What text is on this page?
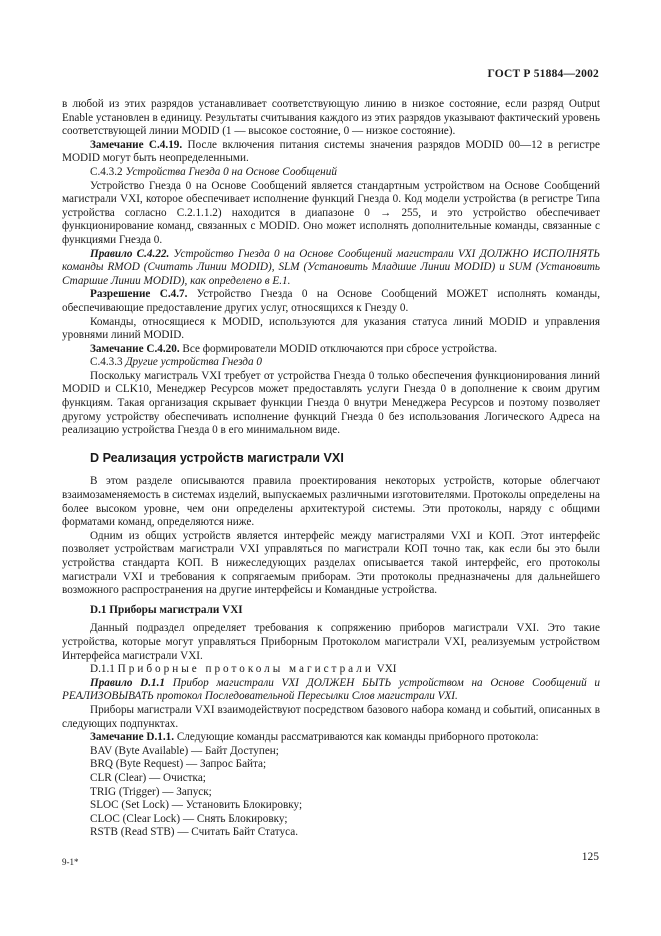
ГОСТ Р 51884—2002

в любой из этих разрядов устанавливает соответствующую линию в низкое состояние, если разряд Output Enable установлен в единицу. Результаты считывания каждого из этих разрядов указывают фактический уровень соответствующей линии MODID (1 — высокое состояние, 0 — низкое состояние).

Замечание С.4.19. После включения питания системы значения разрядов MODID 00—12 в регистре MODID могут быть неопределенными.

С.4.3.2 Устройства Гнезда 0 на Основе Сообщений

Устройство Гнезда 0 на Основе Сообщений является стандартным устройством на Основе Сообщений магистрали VXI, которое обеспечивает исполнение функций Гнезда 0. Код модели устройства (в регистре Типа устройства согласно С.2.1.1.2) находится в диапазоне 0 → 255, и это устройство обеспечивает функционирование команд, связанных с MODID. Оно может исполнять дополнительные команды, связанные с функциями Гнезда 0.

Правило С.4.22. Устройство Гнезда 0 на Основе Сообщений магистрали VXI ДОЛЖНО ИСПОЛНЯТЬ команды RMOD (Считать Линии MODID), SLM (Установить Младшие Линии MODID) и SUM (Установить Старшие Линии MODID), как определено в Е.1.

Разрешение С.4.7. Устройство Гнезда 0 на Основе Сообщений МОЖЕТ исполнять команды, обеспечивающие предоставление других услуг, относящихся к Гнезду 0.

Команды, относящиеся к MODID, используются для указания статуса линий MODID и управления уровнями линий MODID.

Замечание С.4.20. Все формирователи MODID отключаются при сбросе устройства.

С.4.3.3 Другие устройства Гнезда 0

Поскольку магистраль VXI требует от устройства Гнезда 0 только обеспечения функционирования линий MODID и CLK10, Менеджер Ресурсов может предоставлять услуги Гнезда 0 в дополнение к своим другим функциям. Такая организация скрывает функции Гнезда 0 внутри Менеджера Ресурсов и поэтому позволяет другому устройству обеспечивать исполнение функций Гнезда 0 без использования Логического Адреса на реализацию устройства Гнезда 0 в его минимальном виде.

D Реализация устройств магистрали VXI

В этом разделе описываются правила проектирования некоторых устройств, которые облегчают взаимозаменяемость в системах изделий, выпускаемых различными изготовителями. Протоколы определены на более высоком уровне, чем они определены архитектурой системы. Эти протоколы, наряду с общими форматами команд, определяются ниже.

Одним из общих устройств является интерфейс между магистралями VXI и КОП. Этот интерфейс позволяет устройствам магистрали VXI управляться по магистрали КОП точно так, как если бы это были устройства стандарта КОП. В нижеследующих разделах описывается такой интерфейс, его протоколы магистрали VXI и требования к сопрягаемым приборам. Эти протоколы предназначены для дальнейшего возможного распространения на другие интерфейсы и Командные устройства.

D.1 Приборы магистрали VXI

Данный подраздел определяет требования к сопряжению приборов магистрали VXI. Это такие устройства, которые могут управляться Приборным Протоколом магистрали VXI, реализуемым устройством Интерфейса магистрали VXI.

D.1.1 Приборные протоколы магистрали VXI

Правило D.1.1 Прибор магистрали VXI ДОЛЖЕН БЫТЬ устройством на Основе Сообщений и РЕАЛИЗОВЫВАТЬ протокол Последовательной Пересылки Слов магистрали VXI.

Приборы магистрали VXI взаимодействуют посредством базового набора команд и событий, описанных в следующих подпунктах.

Замечание D.1.1. Следующие команды рассматриваются как команды приборного протокола:

BAV (Byte Available) — Байт Доступен;
BRQ (Byte Request) — Запрос Байта;
CLR (Clear) — Очистка;
TRIG (Trigger) — Запуск;
SLOC (Set Lock) — Установить Блокировку;
CLOC (Clear Lock) — Снять Блокировку;
RSTB (Read STB) — Считать Байт Статуса.
9-1*	125
